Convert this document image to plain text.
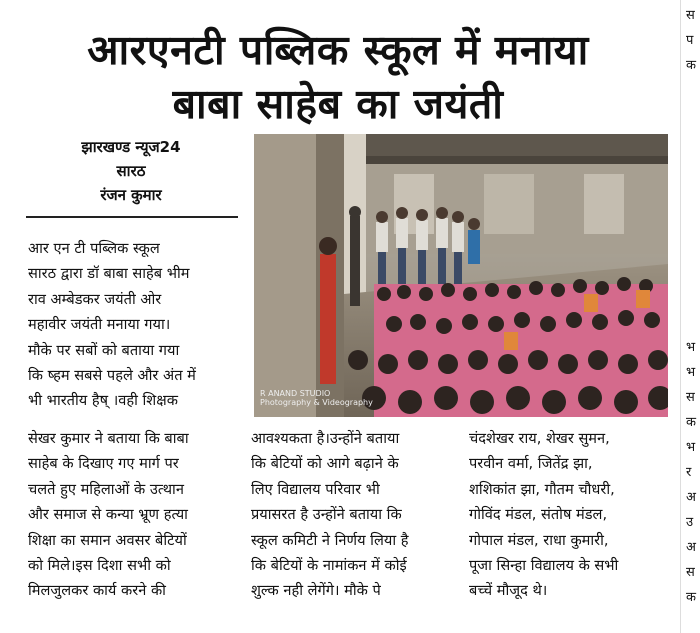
आरएनटी पब्लिक स्कूल में मनाया
बाबा साहेब का जयंती
झारखण्ड न्यूज24
सारठ
रंजन कुमार
R ANAND STUDIO
Photography & Videography

आर एन टी पब्लिक स्कूल

सारठ द्वारा डॉ बाबा साहेब भीम

राव अम्बेडकर जयंती ओर

महावीर जयंती मनाया गया।

मौके पर सबों को बताया गया

कि ष्हम सबसे पहले और अंत में

भी भारतीय हैष् ।वही शिक्षक

सेखर कुमार ने बताया कि बाबा

साहेब के दिखाए गए मार्ग पर

चलते हुए महिलाओं के उत्थान

और समाज से कन्या भ्रूण हत्या

शिक्षा का समान अवसर बेटियों

को मिले।इस दिशा सभी को

मिलजुलकर कार्य करने की

आवश्यकता है।उन्होंने बताया

कि बेटियों को आगे बढ़ाने के

लिए विद्यालय परिवार भी

प्रयासरत है उन्होंने बताया कि

स्कूल कमिटी ने निर्णय लिया है

कि बेटियों के नामांकन में कोई

शुल्क नही लेगेंगे। मौके पे

चंदशेखर राय, शेखर सुमन,

परवीन वर्मा, जितेंद्र झा,

शशिकांत झा, गौतम चौधरी,

गोविंद मंडल, संतोष मंडल,

गोपाल मंडल, राधा कुमारी,

पूजा सिन्हा विद्यालय के सभी

बच्चें मौजूद थे।

स
प
क
भ
भ
स
क
भ
र
अ
उ
अ
स
क
